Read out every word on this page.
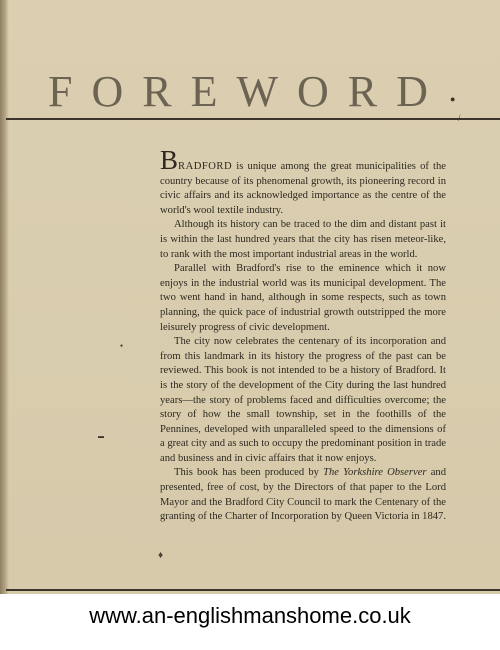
FOREWORD

BRADFORD is unique among the great municipalities of the country because of its phenomenal growth, its pioneering record in civic affairs and its acknowledged importance as the centre of the world's wool textile industry.

Although its history can be traced to the dim and distant past it is within the last hundred years that the city has risen meteor-like, to rank with the most important industrial areas in the world.

Parallel with Bradford's rise to the eminence which it now enjoys in the industrial world was its municipal development. The two went hand in hand, although in some respects, such as town planning, the quick pace of industrial growth outstripped the more leisurely progress of civic development.

The city now celebrates the centenary of its incorporation and from this landmark in its history the progress of the past can be reviewed. This book is not intended to be a history of Bradford. It is the story of the development of the City during the last hundred years—the story of problems faced and difficulties overcome; the story of how the small township, set in the foothills of the Pennines, developed with unparalleled speed to the dimensions of a great city and as such to occupy the predominant position in trade and business and in civic affairs that it now enjoys.

This book has been produced by The Yorkshire Observer and presented, free of cost, by the Directors of that paper to the Lord Mayor and the Bradford City Council to mark the Centenary of the granting of the Charter of Incorporation by Queen Victoria in 1847.

♦
●
/
●
▬

www.an-englishmanshome.co.uk
